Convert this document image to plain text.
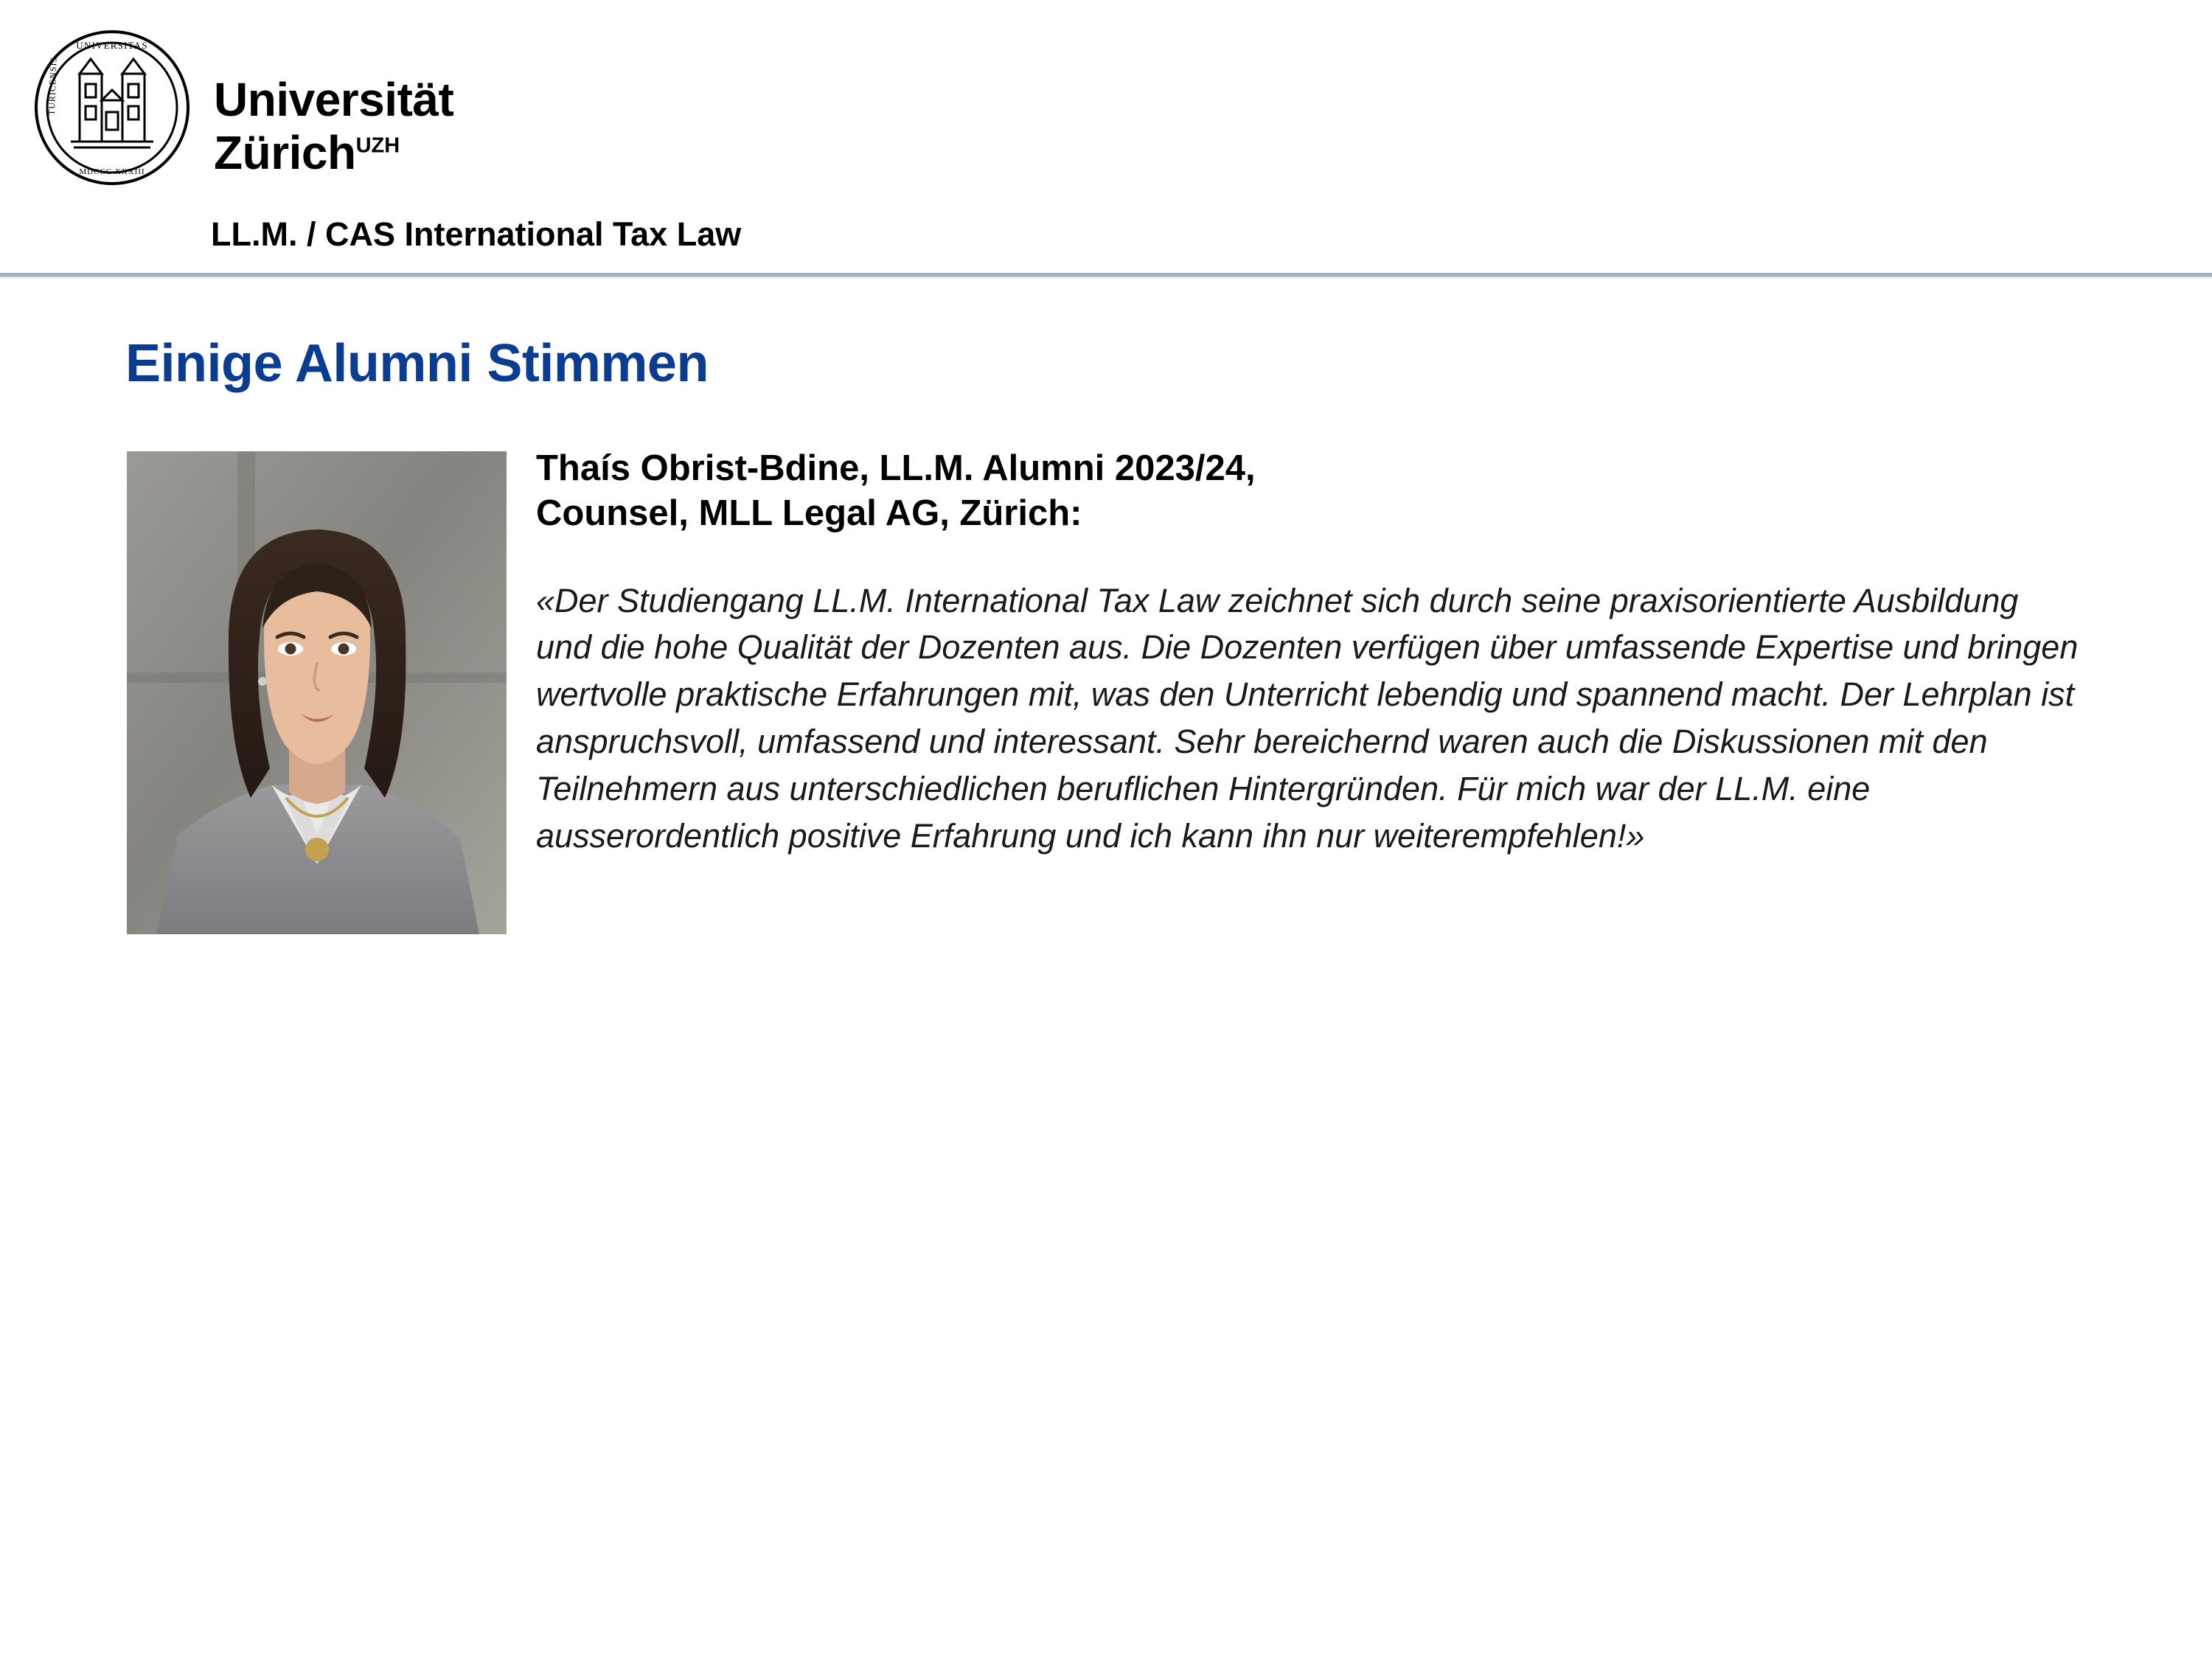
UNIVERSITAS
MDCCC XXXIII
TURICENSIS	Universität
Zürich$^{UZH}$
LL.M. / CAS International Tax Law
Einige Alumni Stimmen
Thaís Obrist-Bdine, LL.M. Alumni 2023/24,
Counsel, MLL Legal AG, Zürich:
«Der Studiengang LL.M. International Tax Law zeichnet sich durch seine praxisorientierte Ausbildung und die hohe Qualität der Dozenten aus. Die Dozenten verfügen über umfassende Expertise und bringen wertvolle praktische Erfahrungen mit, was den Unterricht lebendig und spannend macht. Der Lehrplan ist anspruchsvoll, umfassend und interessant. Sehr bereichernd waren auch die Diskussionen mit den Teilnehmern aus unterschiedlichen beruflichen Hintergründen. Für mich war der LL.M. eine ausserordentlich positive Erfahrung und ich kann ihn nur weiterempfehlen!»
